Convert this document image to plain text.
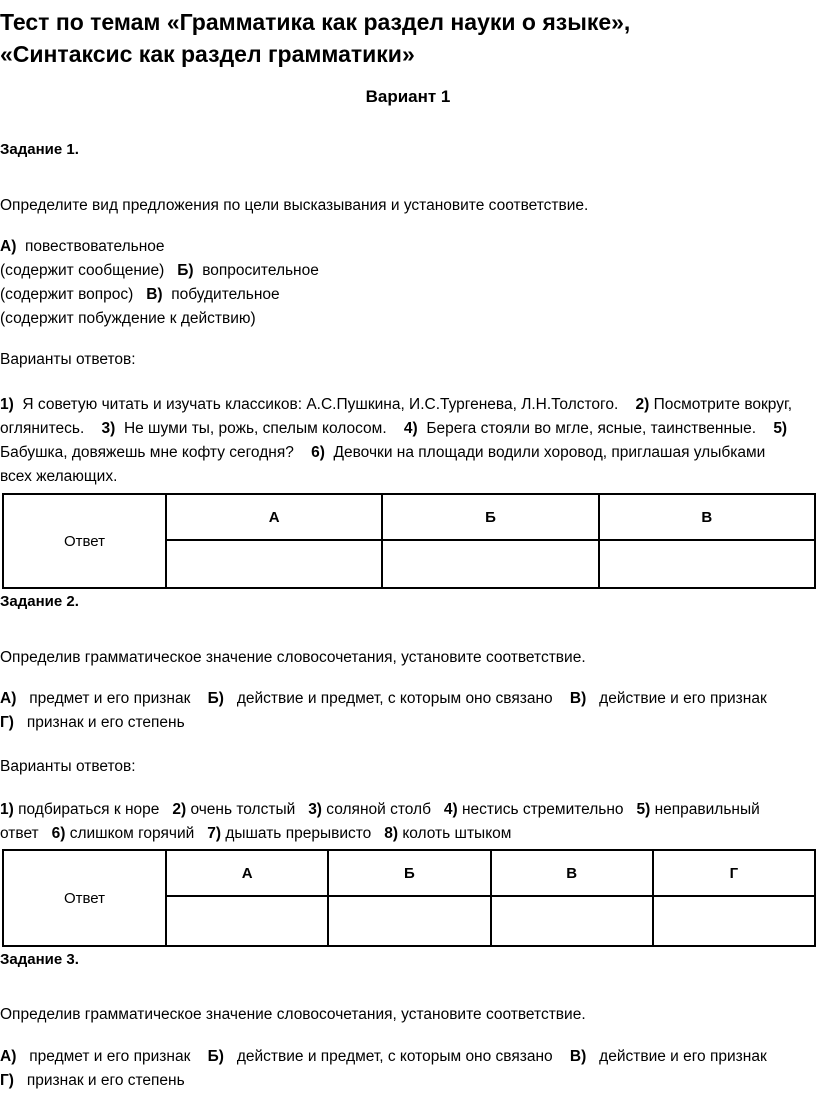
Тест по темам «Грамматика как раздел науки о языке»,
«Синтаксис как раздел грамматики»
Вариант 1
Задание 1.
Определите вид предложения по цели высказывания и установите соответствие.
А) повествовательное
(содержит сообщение) Б) вопросительное
(содержит вопрос) В) побудительное
(содержит побуждение к действию)
Варианты ответов:
1) Я советую читать и изучать классиков: А.С.Пушкина, И.С.Тургенева, Л.Н.Толстого. 2) Посмотрите вокруг,
оглянитесь. 3) Не шуми ты, рожь, спелым колосом. 4) Берега стояли во мгле, ясные, таинственные. 5)
Бабушка, довяжешь мне кофту сегодня? 6) Девочки на площади водили хоровод, приглашая улыбками
всех желающих.
Ответ	А	Б	В

Задание 2.
Определив грамматическое значение словосочетания, установите соответствие.
А) предмет и его признак Б) действие и предмет, с которым оно связано В) действие и его признак
Г) признак и его степень
Варианты ответов:
1) подбираться к норе 2) очень толстый 3) соляной столб 4) нестись стремительно 5) неправильный
ответ 6) слишком горячий 7) дышать прерывисто 8) колоть штыком
Ответ	А	Б	В	Г

Задание 3.
Определив грамматическое значение словосочетания, установите соответствие.
А) предмет и его признак Б) действие и предмет, с которым оно связано В) действие и его признак
Г) признак и его степень
